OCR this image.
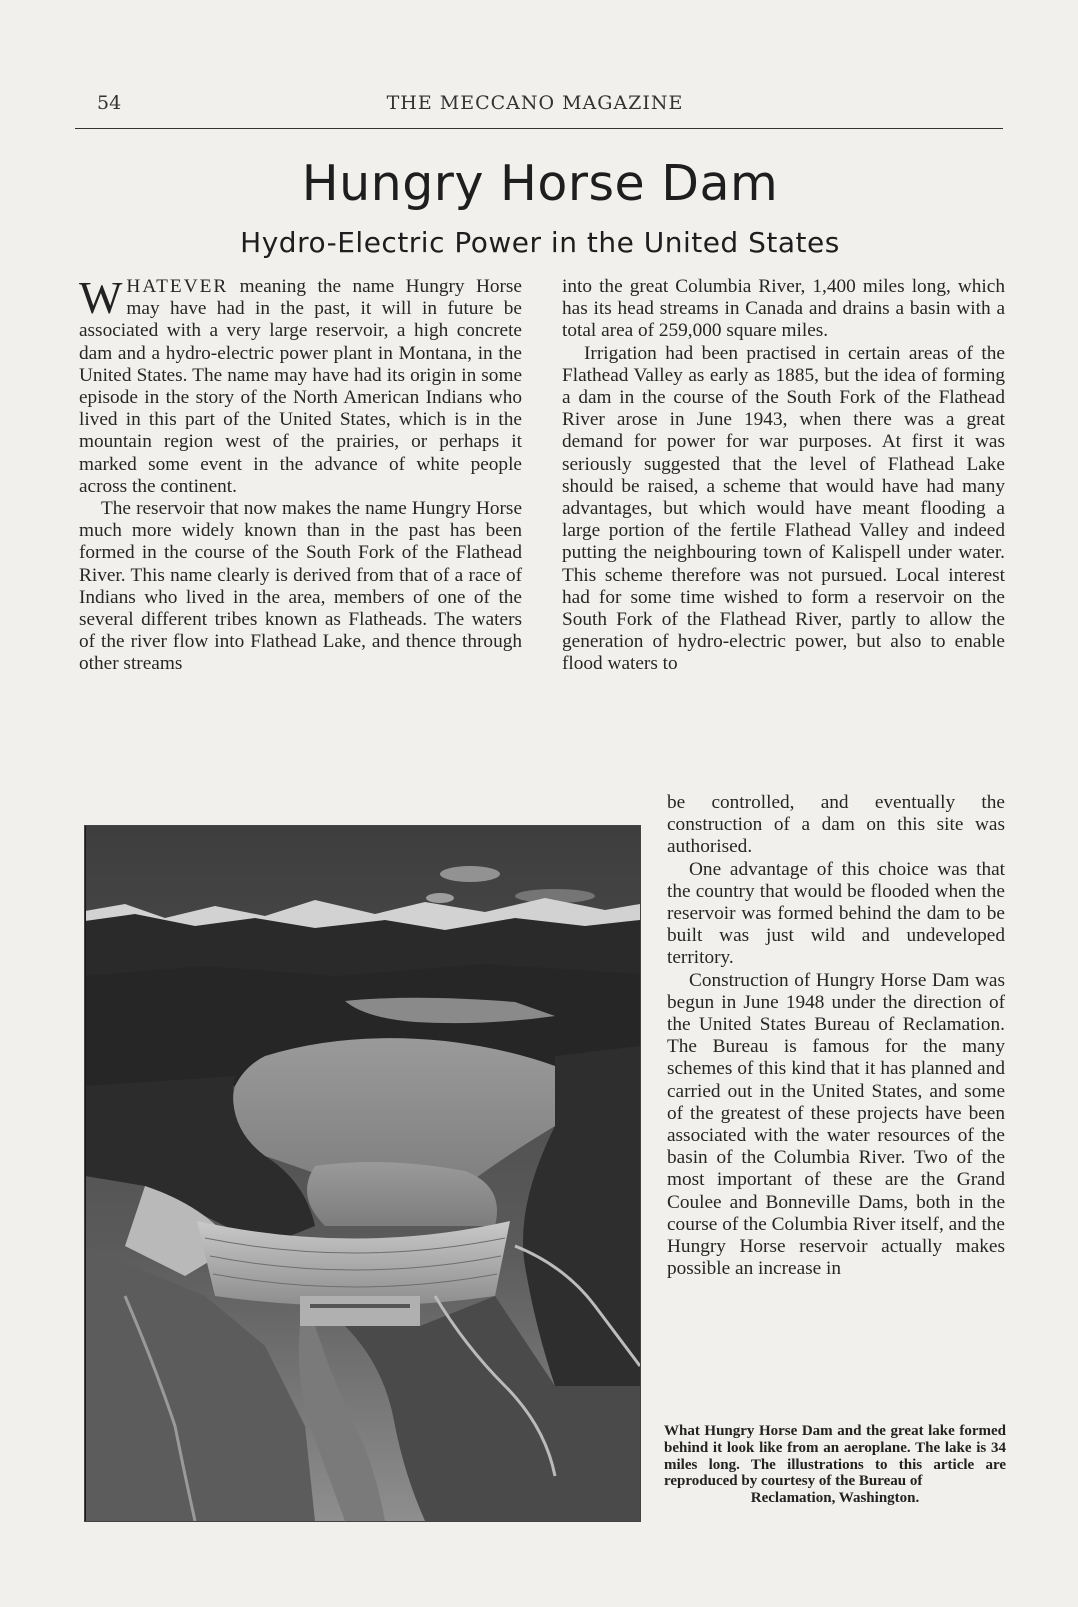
54	THE MECCANO MAGAZINE
Hungry Horse Dam
Hydro-Electric Power in the United States

WHATEVER meaning the name Hungry Horse may have had in the past, it will in future be associated with a very large reservoir, a high concrete dam and a hydro-electric power plant in Montana, in the United States. The name may have had its origin in some episode in the story of the North American Indians who lived in this part of the United States, which is in the mountain region west of the prairies, or perhaps it marked some event in the advance of white people across the continent.

The reservoir that now makes the name Hungry Horse much more widely known than in the past has been formed in the course of the South Fork of the Flathead River. This name clearly is derived from that of a race of Indians who lived in the area, members of one of the several different tribes known as Flatheads. The waters of the river flow into Flathead Lake, and thence through other streams

into the great Columbia River, 1,400 miles long, which has its head streams in Canada and drains a basin with a total area of 259,000 square miles.

Irrigation had been practised in certain areas of the Flathead Valley as early as 1885, but the idea of forming a dam in the course of the South Fork of the Flathead River arose in June 1943, when there was a great demand for power for war purposes. At first it was seriously suggested that the level of Flathead Lake should be raised, a scheme that would have had many advantages, but which would have meant flooding a large portion of the fertile Flathead Valley and indeed putting the neighbouring town of Kalispell under water. This scheme therefore was not pursued. Local interest had for some time wished to form a reservoir on the South Fork of the Flathead River, partly to allow the generation of hydro-electric power, but also to enable flood waters to

be controlled, and eventually the construction of a dam on this site was authorised.

One advantage of this choice was that the country that would be flooded when the reservoir was formed behind the dam to be built was just wild and undeveloped territory.

Construction of Hungry Horse Dam was begun in June 1948 under the direction of the United States Bureau of Reclamation. The Bureau is famous for the many schemes of this kind that it has planned and carried out in the United States, and some of the greatest of these projects have been associated with the water resources of the basin of the Columbia River. Two of the most important of these are the Grand Coulee and Bonneville Dams, both in the course of the Columbia River itself, and the Hungry Horse reservoir actually makes possible an increase in

What Hungry Horse Dam and the great lake formed behind it look like from an aeroplane. The lake is 34 miles long. The illustrations to this article are reproduced by courtesy of the Bureau of
Reclamation, Washington.
